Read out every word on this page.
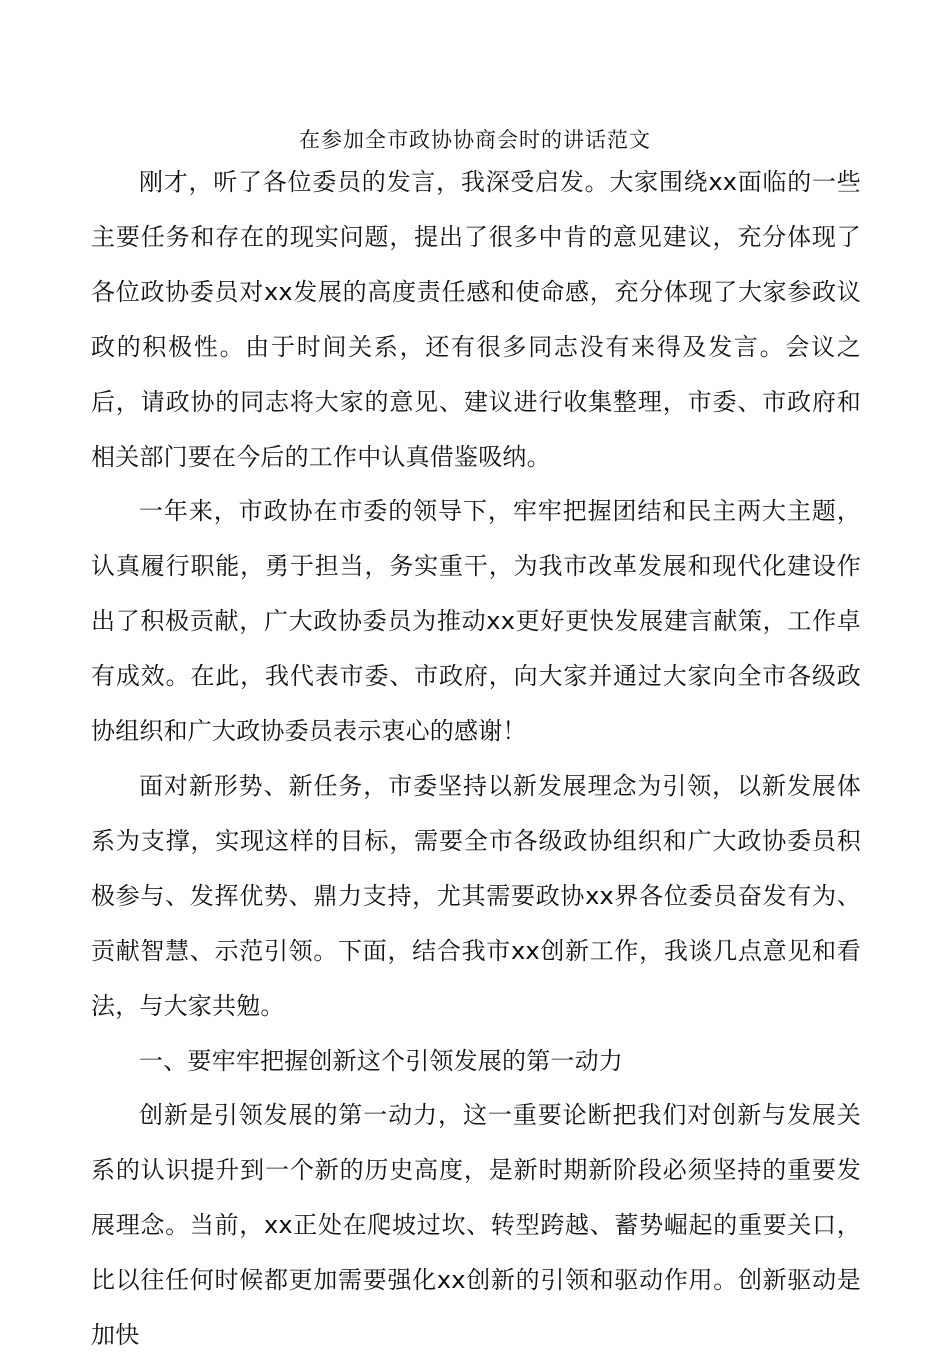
在参加全市政协协商会时的讲话范文

刚才，听了各位委员的发言，我深受启发。大家围绕xx面临的一些主要任务和存在的现实问题，提出了很多中肯的意见建议，充分体现了各位政协委员对xx发展的高度责任感和使命感，充分体现了大家参政议政的积极性。由于时间关系，还有很多同志没有来得及发言。会议之后，请政协的同志将大家的意见、建议进行收集整理，市委、市政府和相关部门要在今后的工作中认真借鉴吸纳。

一年来，市政协在市委的领导下，牢牢把握团结和民主两大主题，认真履行职能，勇于担当，务实重干，为我市改革发展和现代化建设作出了积极贡献，广大政协委员为推动xx更好更快发展建言献策，工作卓有成效。在此，我代表市委、市政府，向大家并通过大家向全市各级政协组织和广大政协委员表示衷心的感谢！

面对新形势、新任务，市委坚持以新发展理念为引领，以新发展体系为支撑，实现这样的目标，需要全市各级政协组织和广大政协委员积极参与、发挥优势、鼎力支持，尤其需要政协xx界各位委员奋发有为、贡献智慧、示范引领。下面，结合我市xx创新工作，我谈几点意见和看法，与大家共勉。

一、要牢牢把握创新这个引领发展的第一动力

创新是引领发展的第一动力，这一重要论断把我们对创新与发展关系的认识提升到一个新的历史高度，是新时期新阶段必须坚持的重要发展理念。当前，xx正处在爬坡过坎、转型跨越、蓄势崛起的重要关口，比以往任何时候都更加需要强化xx创新的引领和驱动作用。创新驱动是加快
